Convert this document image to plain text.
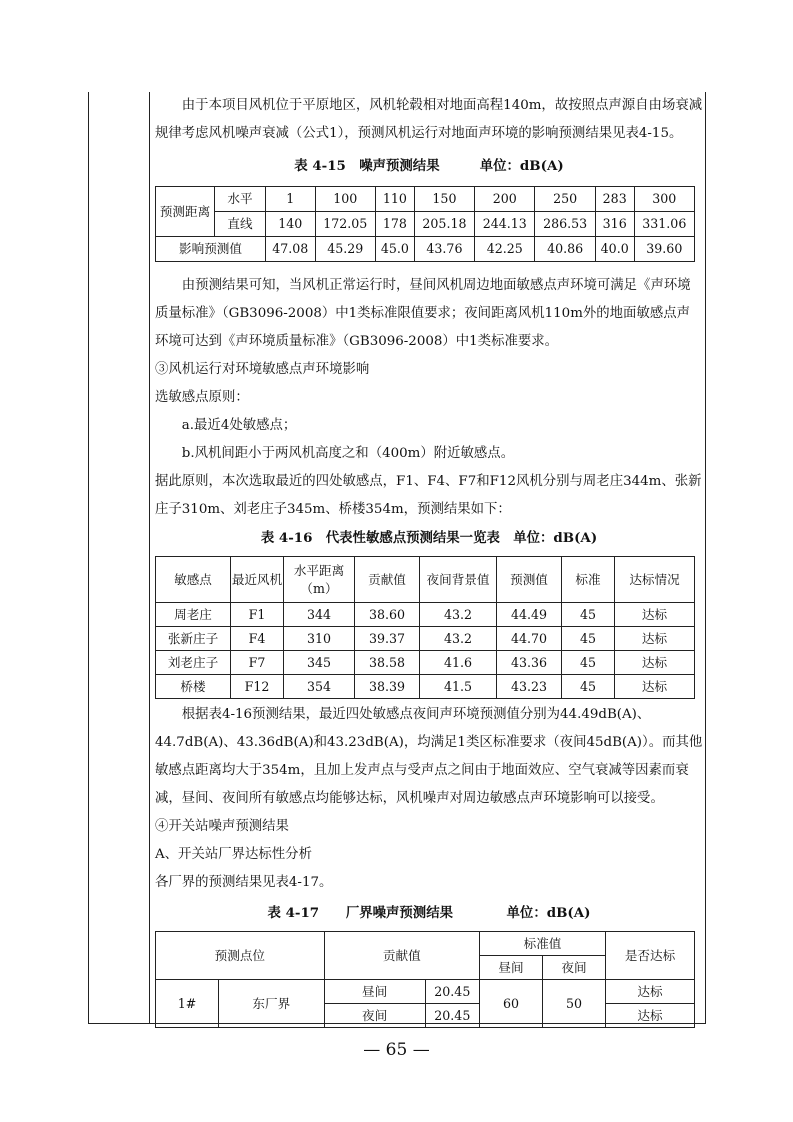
由于本项目风机位于平原地区，风机轮毂相对地面高程140m，故按照点声源自由场衰减规律考虑风机噪声衰减（公式1），预测风机运行对地面声环境的影响预测结果见表4-15。

表 4-15　噪声预测结果　　　单位：dB(A)

预测距离	水平	1	100	110	150	200	250	283	300
	直线	140	172.05	178	205.18	244.13	286.53	316	331.06
影响预测值		47.08	45.29	45.0	43.76	42.25	40.86	40.0	39.60

由预测结果可知，当风机正常运行时，昼间风机周边地面敏感点声环境可满足《声环境质量标准》（GB3096-2008）中1类标准限值要求；夜间距离风机110m外的地面敏感点声环境可达到《声环境质量标准》（GB3096-2008）中1类标准要求。

③风机运行对环境敏感点声环境影响

选敏感点原则：

a.最近4处敏感点；

b.风机间距小于两风机高度之和（400m）附近敏感点。

据此原则，本次选取最近的四处敏感点，F1、F4、F7和F12风机分别与周老庄344m、张新庄子310m、刘老庄子345m、桥楼354m，预测结果如下：

表 4-16　代表性敏感点预测结果一览表　单位：dB(A)

敏感点	最近风机	水平距离（m）	贡献值	夜间背景值	预测值	标准	达标情况
周老庄	F1	344	38.60	43.2	44.49	45	达标
张新庄子	F4	310	39.37	43.2	44.70	45	达标
刘老庄子	F7	345	38.58	41.6	43.36	45	达标
桥楼	F12	354	38.39	41.5	43.23	45	达标

根据表4-16预测结果，最近四处敏感点夜间声环境预测值分别为44.49dB(A)、44.7dB(A)、43.36dB(A)和43.23dB(A)，均满足1类区标准要求（夜间45dB(A)）。而其他敏感点距离均大于354m，且加上发声点与受声点之间由于地面效应、空气衰减等因素而衰减，昼间、夜间所有敏感点均能够达标，风机噪声对周边敏感点声环境影响可以接受。

④开关站噪声预测结果

A、开关站厂界达标性分析

各厂界的预测结果见表4-17。

表 4-17　　厂界噪声预测结果　　　　单位：dB(A)

预测点位		贡献值		标准值		是否达标
				昼间	夜间	
1#	东厂界	昼间	20.45	60	50	达标
		夜间	20.45			达标
— 65 —
